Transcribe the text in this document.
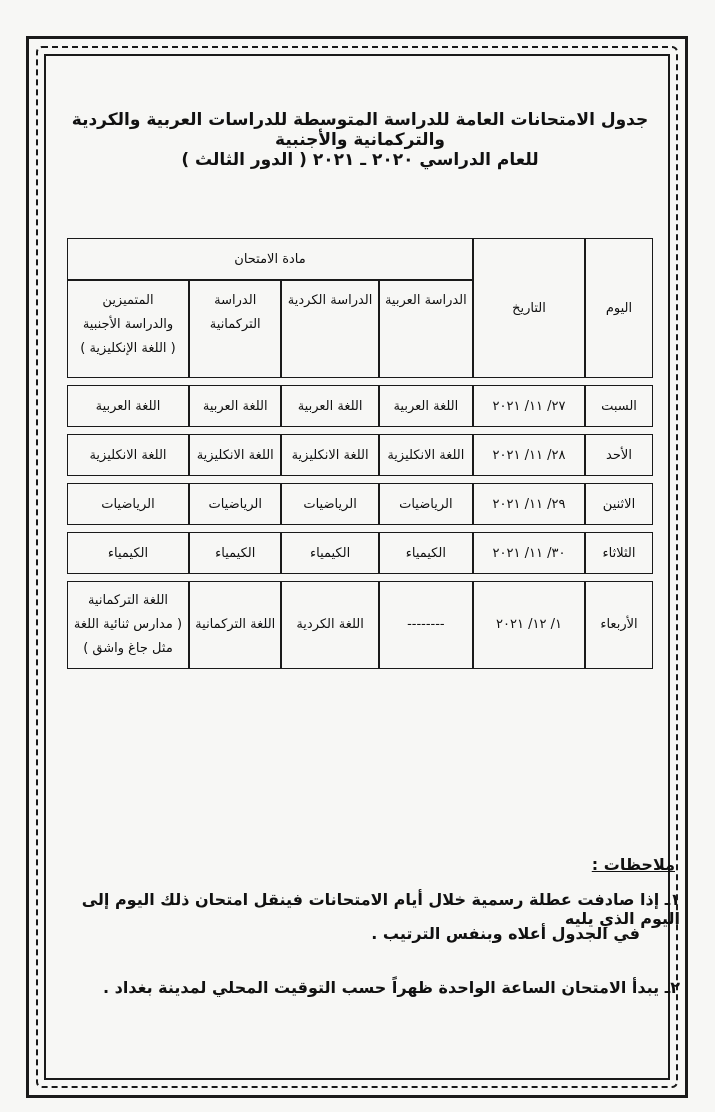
جدول الامتحانات العامة للدراسة المتوسطة للدراسات العربية والكردية والتركمانية والأجنبية
للعام الدراسي ٢٠٢٠ ـ ٢٠٢١ ( الدور الثالث )
اليوم	التاريخ	مادة الامتحان			

		الدراسة العربية	الدراسة الكردية	الدراسة
التركمانية	المتميزين
والدراسة الأجنبية
( اللغة الإنكليزية )

السبت	٢٧/ ١١/ ٢٠٢١	اللغة العربية	اللغة العربية	اللغة العربية	اللغة العربية

الأحد	٢٨/ ١١/ ٢٠٢١	اللغة الانكليزية	اللغة الانكليزية	اللغة الانكليزية	اللغة الانكليزية

الاثنين	٢٩/ ١١/ ٢٠٢١	الرياضيات	الرياضيات	الرياضيات	الرياضيات

الثلاثاء	٣٠/ ١١/ ٢٠٢١	الكيمياء	الكيمياء	الكيمياء	الكيمياء

الأربعاء	١/ ١٢/ ٢٠٢١	--------	اللغة الكردية	اللغة التركمانية	اللغة التركمانية
( مدارس ثنائية اللغة
مثل جاغ واشق )
ملاحظات :
١ـ إذا صادفت عطلة رسمية خلال أيام الامتحانات فينقل امتحان ذلك اليوم إلى اليوم الذي يليه
في الجدول أعلاه وبنفس الترتيب .
٢ـ يبدأ الامتحان الساعة الواحدة ظهراً حسب التوقيت المحلي لمدينة بغداد .
